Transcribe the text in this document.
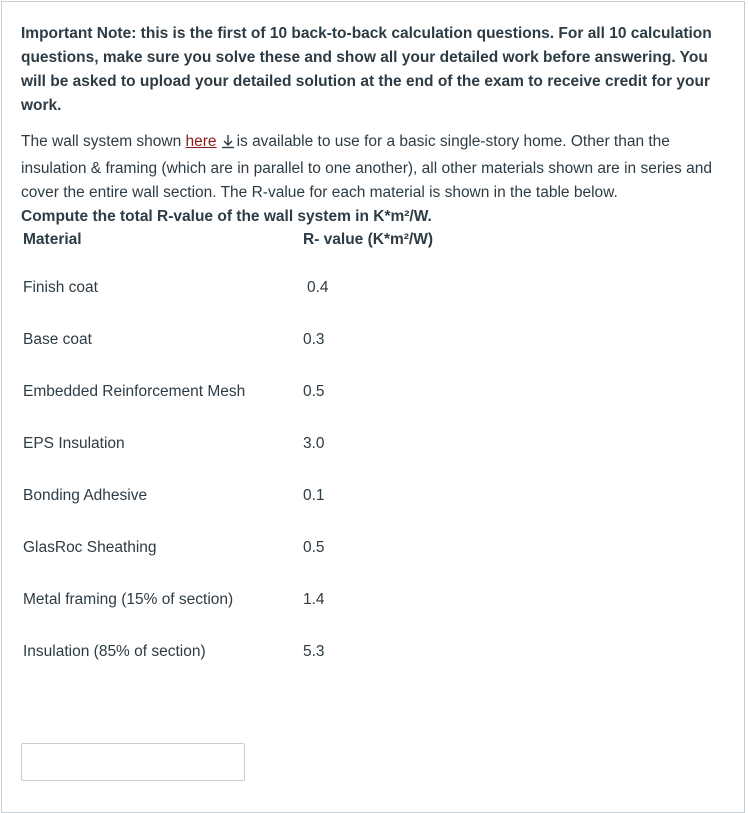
Important Note: this is the first of 10 back-to-back calculation questions. For all 10 calculation questions, make sure you solve these and show all your detailed work before answering. You will be asked to upload your detailed solution at the end of the exam to receive credit for your work.

The wall system shown here is available to use for a basic single-story home. Other than the insulation & framing (which are in parallel to one another), all other materials shown are in series and cover the entire wall section. The R-value for each material is shown in the table below.
Compute the total R-value of the wall system in K*m²/W.
Material	R- value (K*m²/W)
Finish coat	0.4
Base coat	0.3
Embedded Reinforcement Mesh	0.5
EPS Insulation	3.0
Bonding Adhesive	0.1
GlasRoc Sheathing	0.5
Metal framing (15% of section)	1.4
Insulation (85% of section)	5.3
